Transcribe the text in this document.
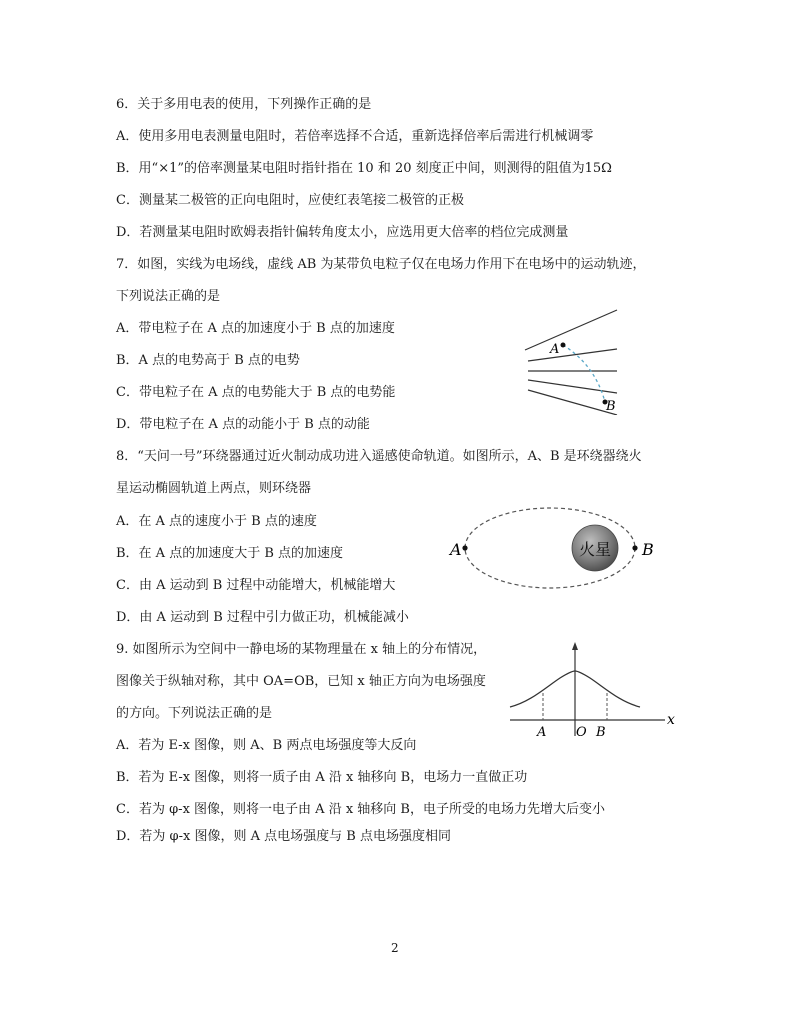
6．关于多用电表的使用，下列操作正确的是
A．使用多用电表测量电阻时，若倍率选择不合适，重新选择倍率后需进行机械调零
B．用“×1”的倍率测量某电阻时指针指在 10 和 20 刻度正中间，则测得的阻值为15Ω
C．测量某二极管的正向电阻时，应使红表笔接二极管的正极
D．若测量某电阻时欧姆表指针偏转角度太小，应选用更大倍率的档位完成测量
7．如图，实线为电场线，虚线 AB 为某带负电粒子仅在电场力作用下在电场中的运动轨迹，
下列说法正确的是
A．带电粒子在 A 点的加速度小于 B 点的加速度
B．A 点的电势高于 B 点的电势
C．带电粒子在 A 点的电势能大于 B 点的电势能
D．带电粒子在 A 点的动能小于 B 点的动能
A
B
8．“天问一号”环绕器通过近火制动成功进入遥感使命轨道。如图所示，A、B 是环绕器绕火
星运动椭圆轨道上两点，则环绕器
A．在 A 点的速度小于 B 点的速度
B．在 A 点的加速度大于 B 点的加速度
C．由 A 运动到 B 过程中动能增大，机械能增大
D．由 A 运动到 B 过程中引力做正功，机械能减小
火星
A	B
9. 如图所示为空间中一静电场的某物理量在 x 轴上的分布情况，
图像关于纵轴对称，其中 OA=OB，已知 x 轴正方向为电场强度
的方向。下列说法正确的是
A．若为 E-x 图像，则 A、B 两点电场强度等大反向
B．若为 E-x 图像，则将一质子由 A 沿 x 轴移向 B，电场力一直做正功
C．若为 φ-x 图像，则将一电子由 A 沿 x 轴移向 B，电子所受的电场力先增大后变小
D．若为 φ-x 图像，则 A 点电场强度与 B 点电场强度相同
x
A O B
2
